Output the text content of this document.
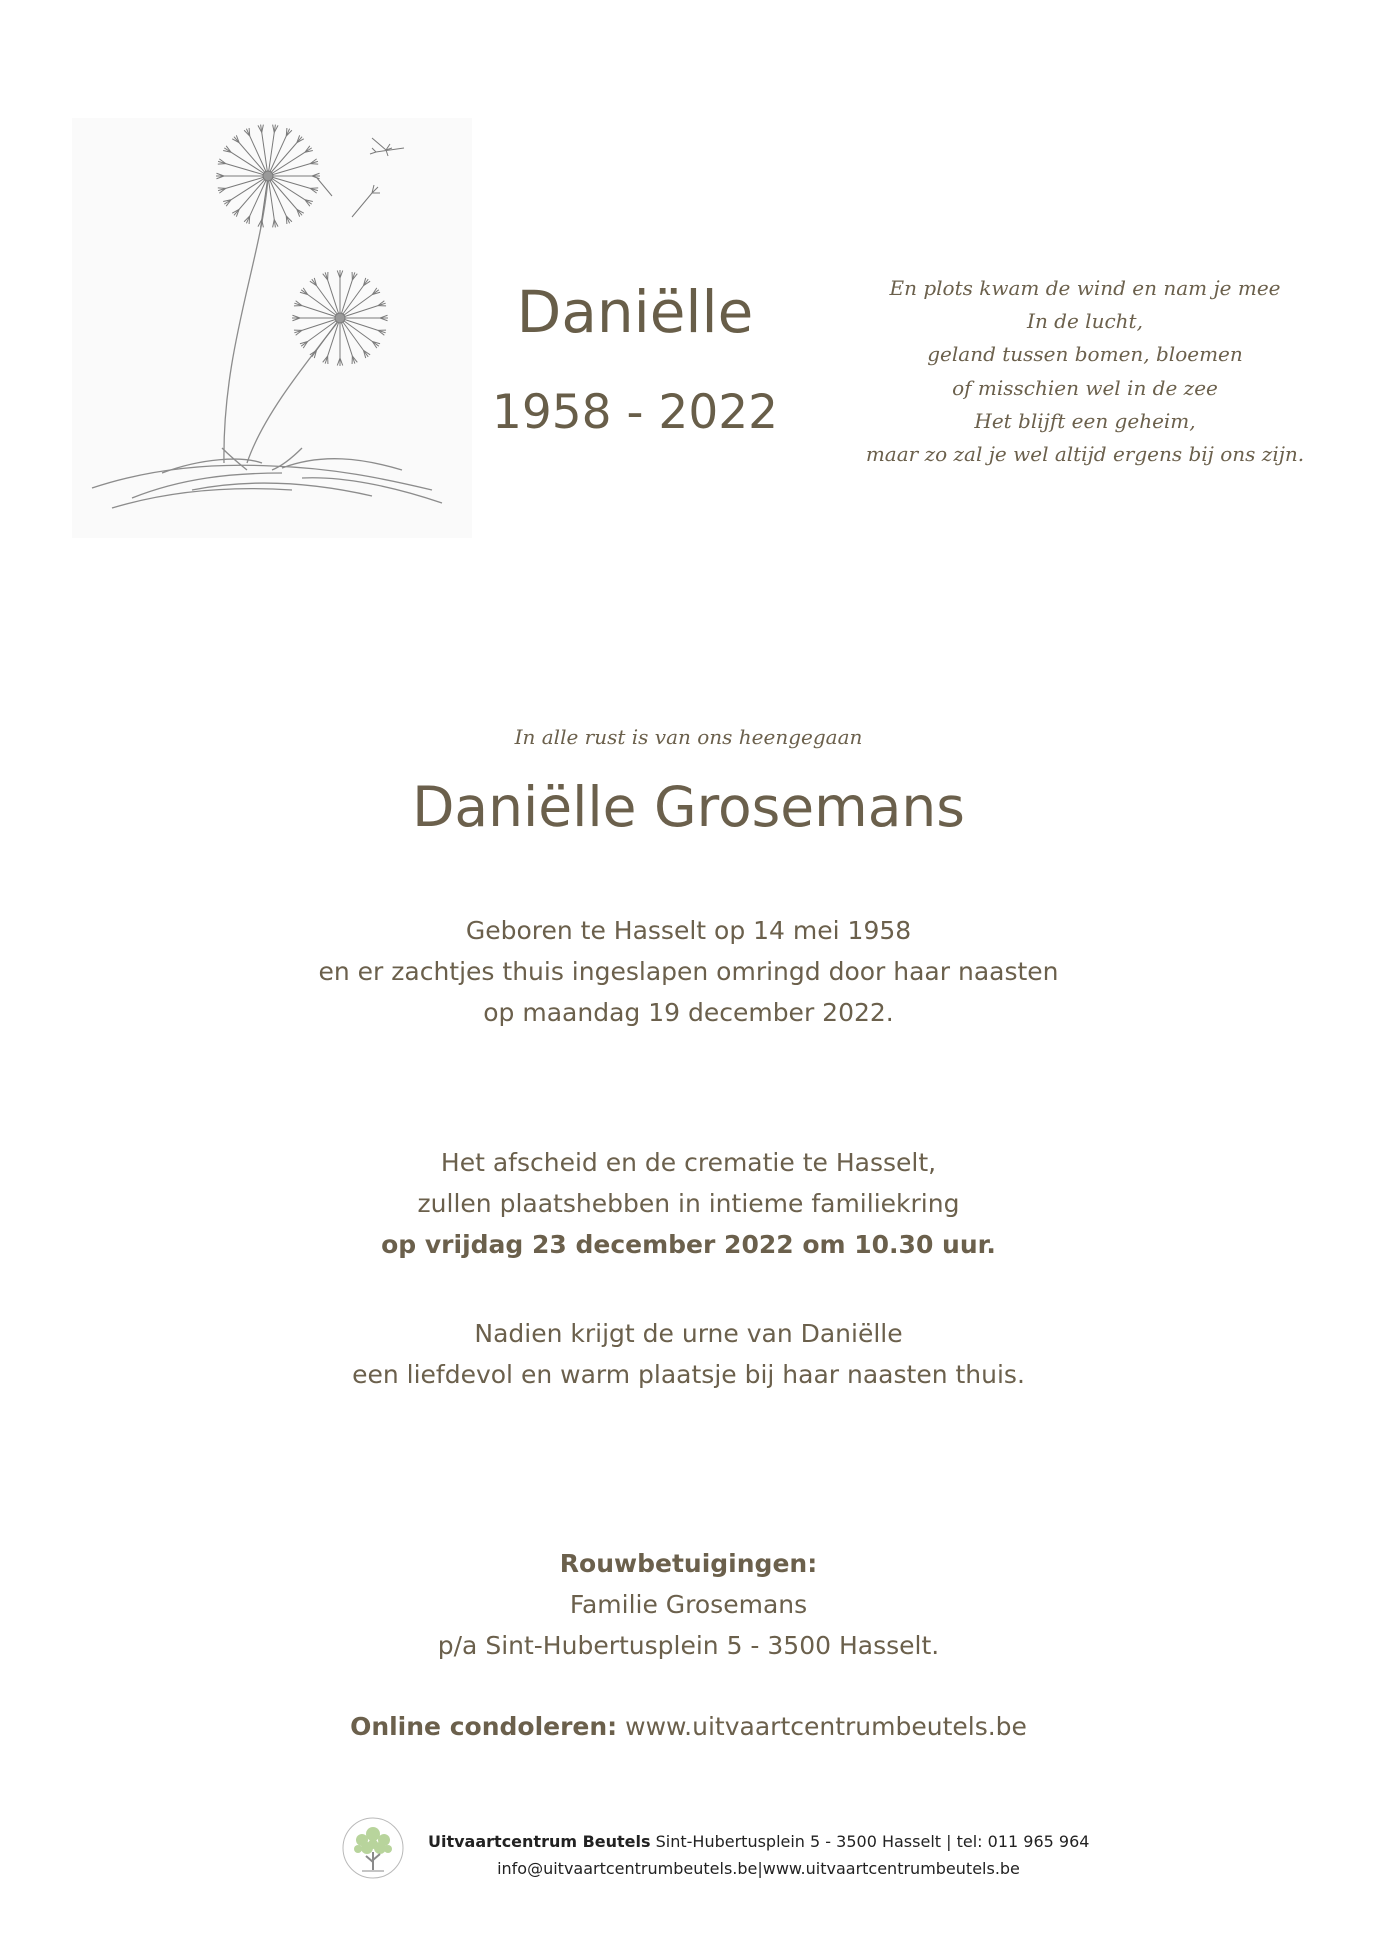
Daniëlle
1958 - 2022
En plots kwam de wind en nam je mee
In de lucht,
geland tussen bomen, bloemen
of misschien wel in de zee
Het blijft een geheim,
maar zo zal je wel altijd ergens bij ons zijn.
In alle rust is van ons heengegaan
Daniëlle Grosemans
Geboren te Hasselt op 14 mei 1958
en er zachtjes thuis ingeslapen omringd door haar naasten
op maandag 19 december 2022.
Het afscheid en de crematie te Hasselt,
zullen plaatshebben in intieme familiekring
op vrijdag 23 december 2022 om 10.30 uur.
Nadien krijgt de urne van Daniëlle
een liefdevol en warm plaatsje bij haar naasten thuis.
Rouwbetuigingen:
Familie Grosemans
p/a Sint-Hubertusplein 5 - 3500 Hasselt.
Online condoleren: www.uitvaartcentrumbeutels.be
Uitvaartcentrum Beutels Sint-Hubertusplein 5 - 3500 Hasselt | tel: 011 965 964
info@uitvaartcentrumbeutels.be|www.uitvaartcentrumbeutels.be
